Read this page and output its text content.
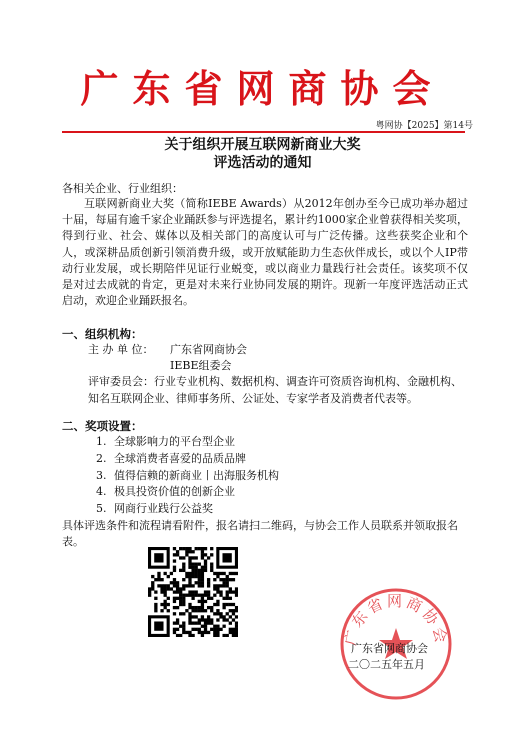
广东省网商协会
粤网协【2025】第14号
关于组织开展互联网新商业大奖
评选活动的通知
各相关企业、行业组织：
互联网新商业大奖（简称IEBE Awards）从2012年创办至今已成功举办超过十届，每届有逾千家企业踊跃参与评选提名，累计约1000家企业曾获得相关奖项，得到行业、社会、媒体以及相关部门的高度认可与广泛传播。这些获奖企业和个人，或深耕品质创新引领消费升级，或开放赋能助力生态伙伴成长，或以个人IP带动行业发展，或长期陪伴见证行业蜕变，或以商业力量践行社会责任。该奖项不仅是对过去成就的肯定，更是对未来行业协同发展的期许。现新一年度评选活动正式启动，欢迎企业踊跃报名。
一、组织机构：
主 办 单 位： 广东省网商协会
IEBE组委会
评审委员会：行业专业机构、数据机构、调查许可资质咨询机构、金融机构、知名互联网企业、律师事务所、公证处、专家学者及消费者代表等。
二、奖项设置：
1. 全球影响力的平台型企业
2. 全球消费者喜爱的品质品牌
3. 值得信赖的新商业丨出海服务机构
4. 极具投资价值的创新企业
5. 网商行业践行公益奖
具体评选条件和流程请看附件，报名请扫二维码，与协会工作人员联系并领取报名表。
广东省网商协会
广东省网商协会
二〇二五年五月
